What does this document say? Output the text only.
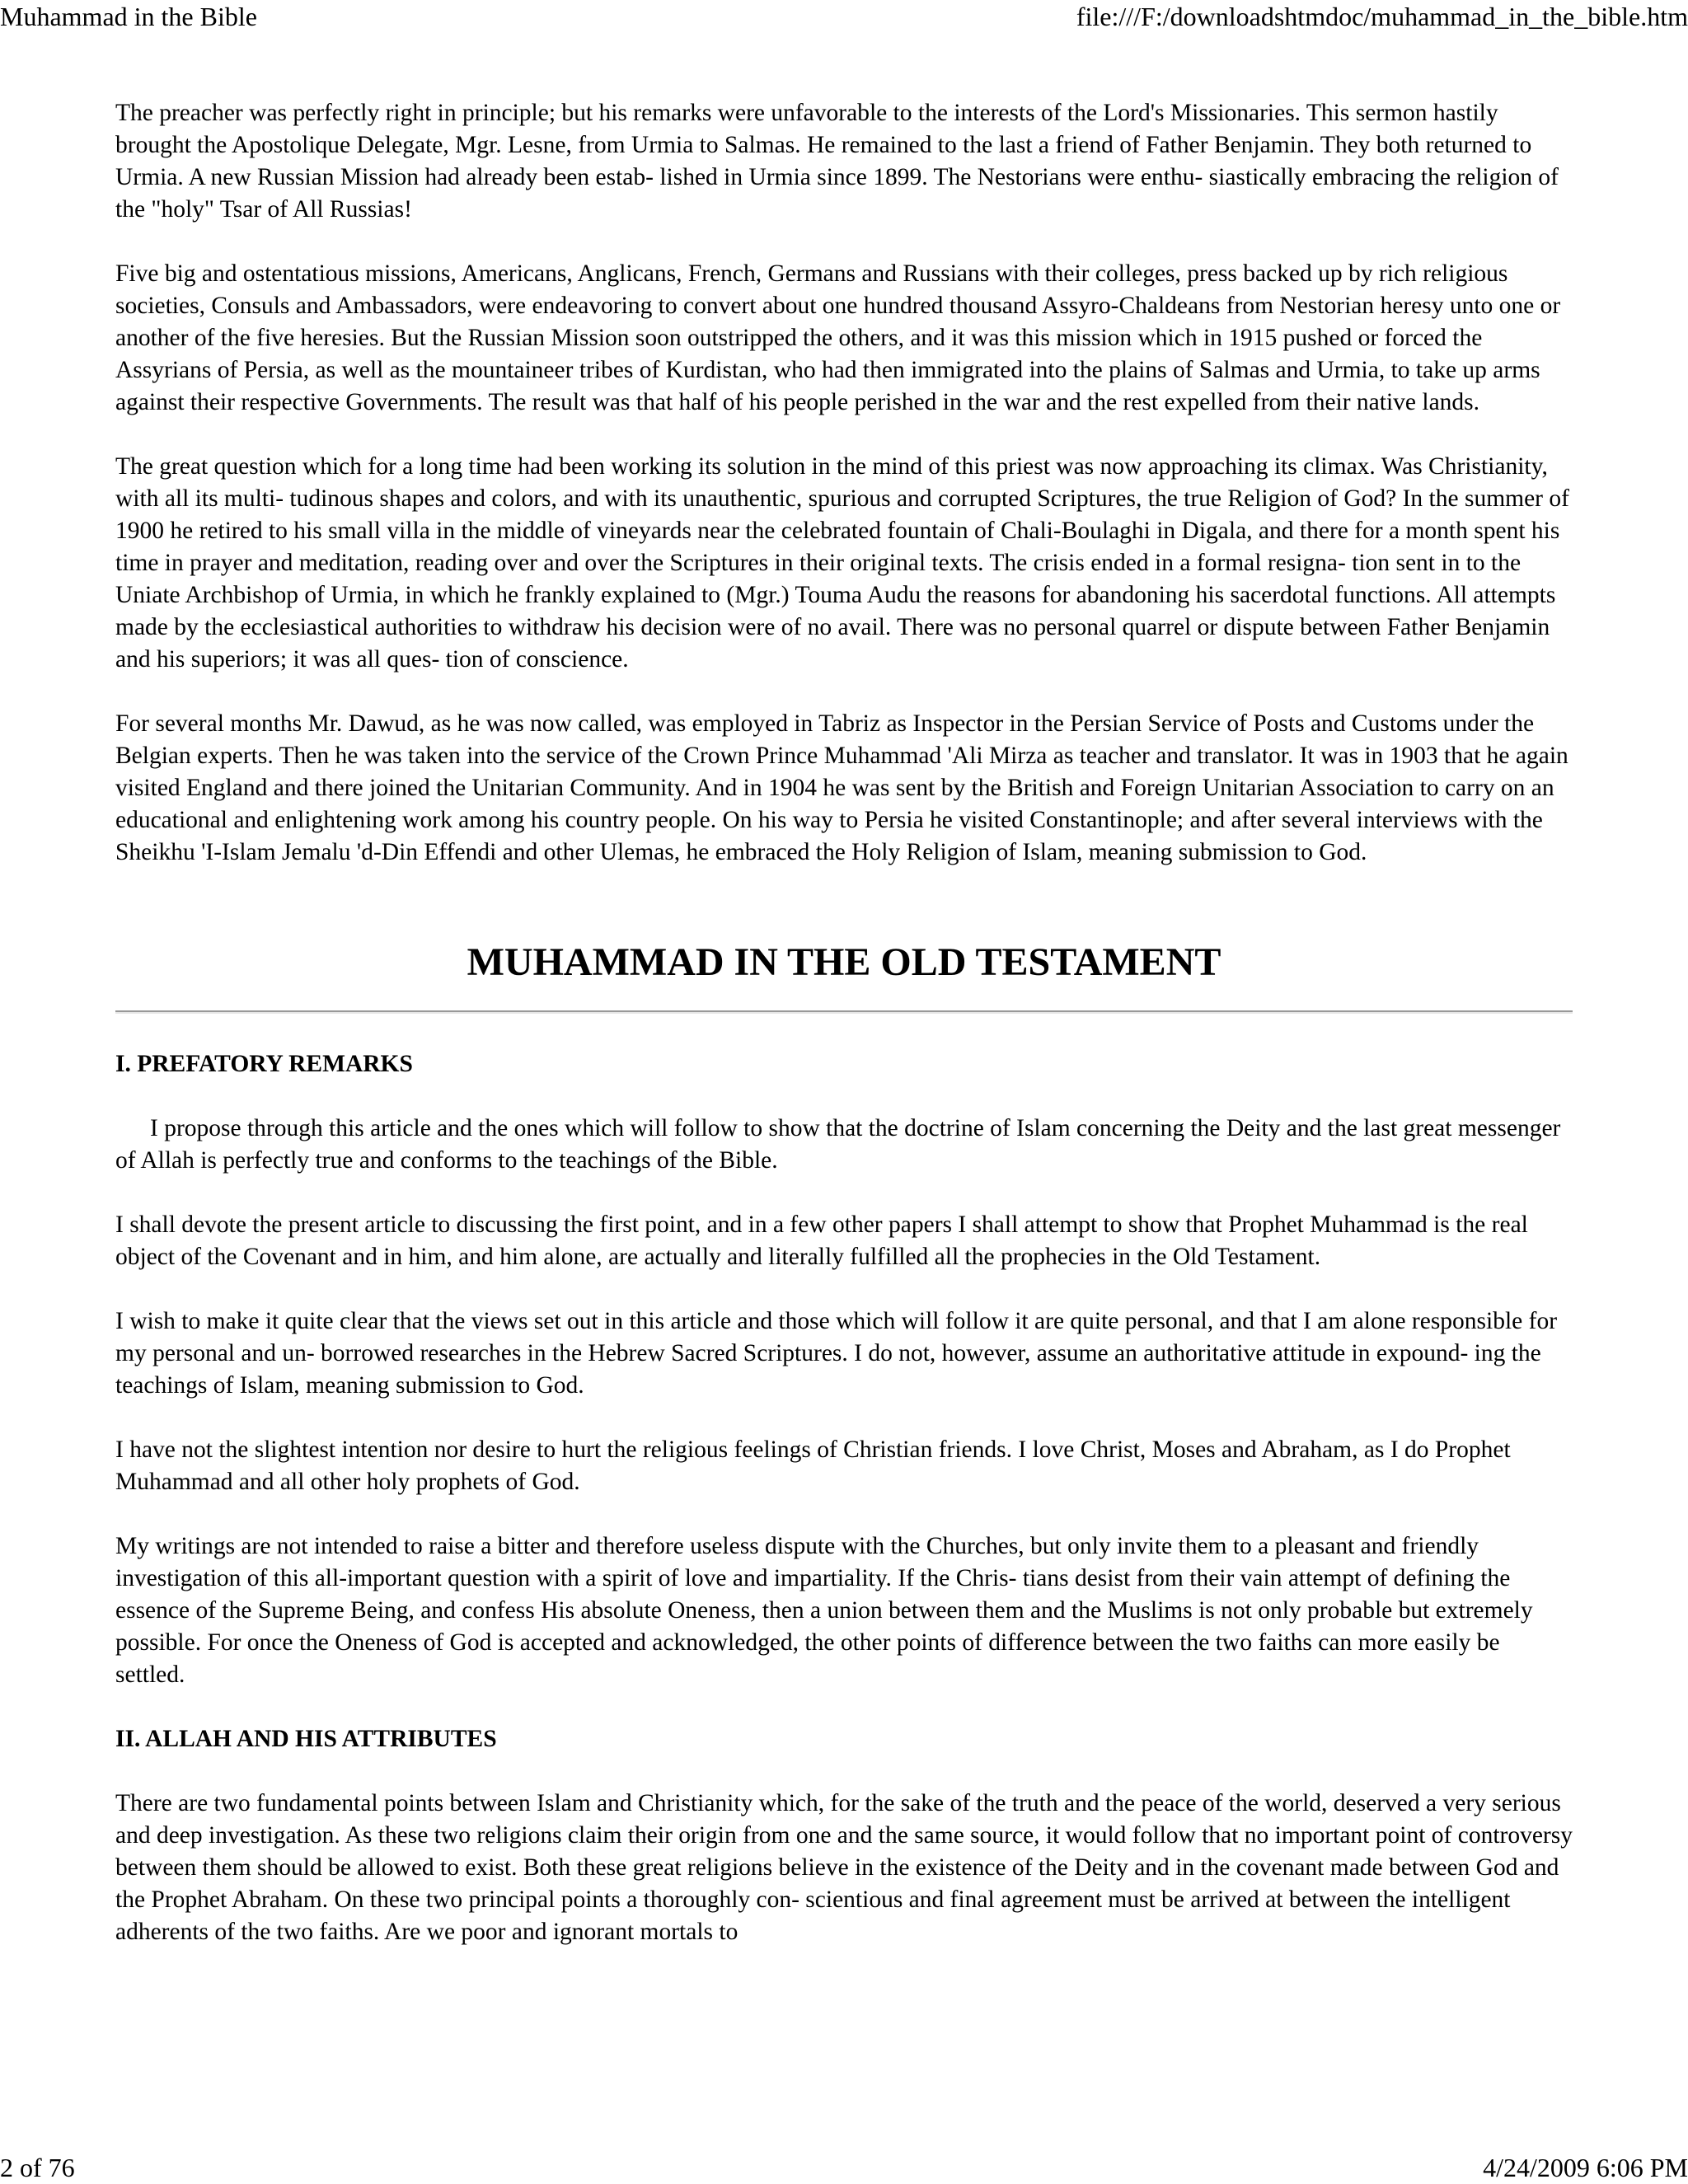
Muhammad in the Bible	file:///F:/downloadshtmdoc/muhammad_in_the_bible.htm

The preacher was perfectly right in principle; but his remarks were unfavorable to the interests of the Lord's Missionaries. This sermon hastily brought the Apostolique Delegate, Mgr. Lesne, from Urmia to Salmas. He remained to the last a friend of Father Benjamin. They both returned to Urmia. A new Russian Mission had already been estab- lished in Urmia since 1899. The Nestorians were enthu- siastically embracing the religion of the "holy" Tsar of All Russias!

Five big and ostentatious missions, Americans, Anglicans, French, Germans and Russians with their colleges, press backed up by rich religious societies, Consuls and Ambassadors, were endeavoring to convert about one hundred thousand Assyro-Chaldeans from Nestorian heresy unto one or another of the five heresies. But the Russian Mission soon outstripped the others, and it was this mission which in 1915 pushed or forced the Assyrians of Persia, as well as the mountaineer tribes of Kurdistan, who had then immigrated into the plains of Salmas and Urmia, to take up arms against their respective Governments. The result was that half of his people perished in the war and the rest expelled from their native lands.

The great question which for a long time had been working its solution in the mind of this priest was now approaching its climax. Was Christianity, with all its multi- tudinous shapes and colors, and with its unauthentic, spurious and corrupted Scriptures, the true Religion of God? In the summer of 1900 he retired to his small villa in the middle of vineyards near the celebrated fountain of Chali-Boulaghi in Digala, and there for a month spent his time in prayer and meditation, reading over and over the Scriptures in their original texts. The crisis ended in a formal resigna- tion sent in to the Uniate Archbishop of Urmia, in which he frankly explained to (Mgr.) Touma Audu the reasons for abandoning his sacerdotal functions. All attempts made by the ecclesiastical authorities to withdraw his decision were of no avail. There was no personal quarrel or dispute between Father Benjamin and his superiors; it was all ques- tion of conscience.

For several months Mr. Dawud, as he was now called, was employed in Tabriz as Inspector in the Persian Service of Posts and Customs under the Belgian experts. Then he was taken into the service of the Crown Prince Muhammad 'Ali Mirza as teacher and translator. It was in 1903 that he again visited England and there joined the Unitarian Community. And in 1904 he was sent by the British and Foreign Unitarian Association to carry on an educational and enlightening work among his country people. On his way to Persia he visited Constantinople; and after several interviews with the Sheikhu 'I-Islam Jemalu 'd-Din Effendi and other Ulemas, he embraced the Holy Religion of Islam, meaning submission to God.

MUHAMMAD IN THE OLD TESTAMENT
I. PREFATORY REMARKS

I propose through this article and the ones which will follow to show that the doctrine of Islam concerning the Deity and the last great messenger of Allah is perfectly true and conforms to the teachings of the Bible.

I shall devote the present article to discussing the first point, and in a few other papers I shall attempt to show that Prophet Muhammad is the real object of the Covenant and in him, and him alone, are actually and literally fulfilled all the prophecies in the Old Testament.

I wish to make it quite clear that the views set out in this article and those which will follow it are quite personal, and that I am alone responsible for my personal and un- borrowed researches in the Hebrew Sacred Scriptures. I do not, however, assume an authoritative attitude in expound- ing the teachings of Islam, meaning submission to God.

I have not the slightest intention nor desire to hurt the religious feelings of Christian friends. I love Christ, Moses and Abraham, as I do Prophet Muhammad and all other holy prophets of God.

My writings are not intended to raise a bitter and therefore useless dispute with the Churches, but only invite them to a pleasant and friendly investigation of this all-important question with a spirit of love and impartiality. If the Chris- tians desist from their vain attempt of defining the essence of the Supreme Being, and confess His absolute Oneness, then a union between them and the Muslims is not only probable but extremely possible. For once the Oneness of God is accepted and acknowledged, the other points of difference between the two faiths can more easily be settled.

II. ALLAH AND HIS ATTRIBUTES

There are two fundamental points between Islam and Christianity which, for the sake of the truth and the peace of the world, deserved a very serious and deep investigation. As these two religions claim their origin from one and the same source, it would follow that no important point of controversy between them should be allowed to exist. Both these great religions believe in the existence of the Deity and in the covenant made between God and the Prophet Abraham. On these two principal points a thoroughly con- scientious and final agreement must be arrived at between the intelligent adherents of the two faiths. Are we poor and ignorant mortals to

2 of 76	4/24/2009 6:06 PM
